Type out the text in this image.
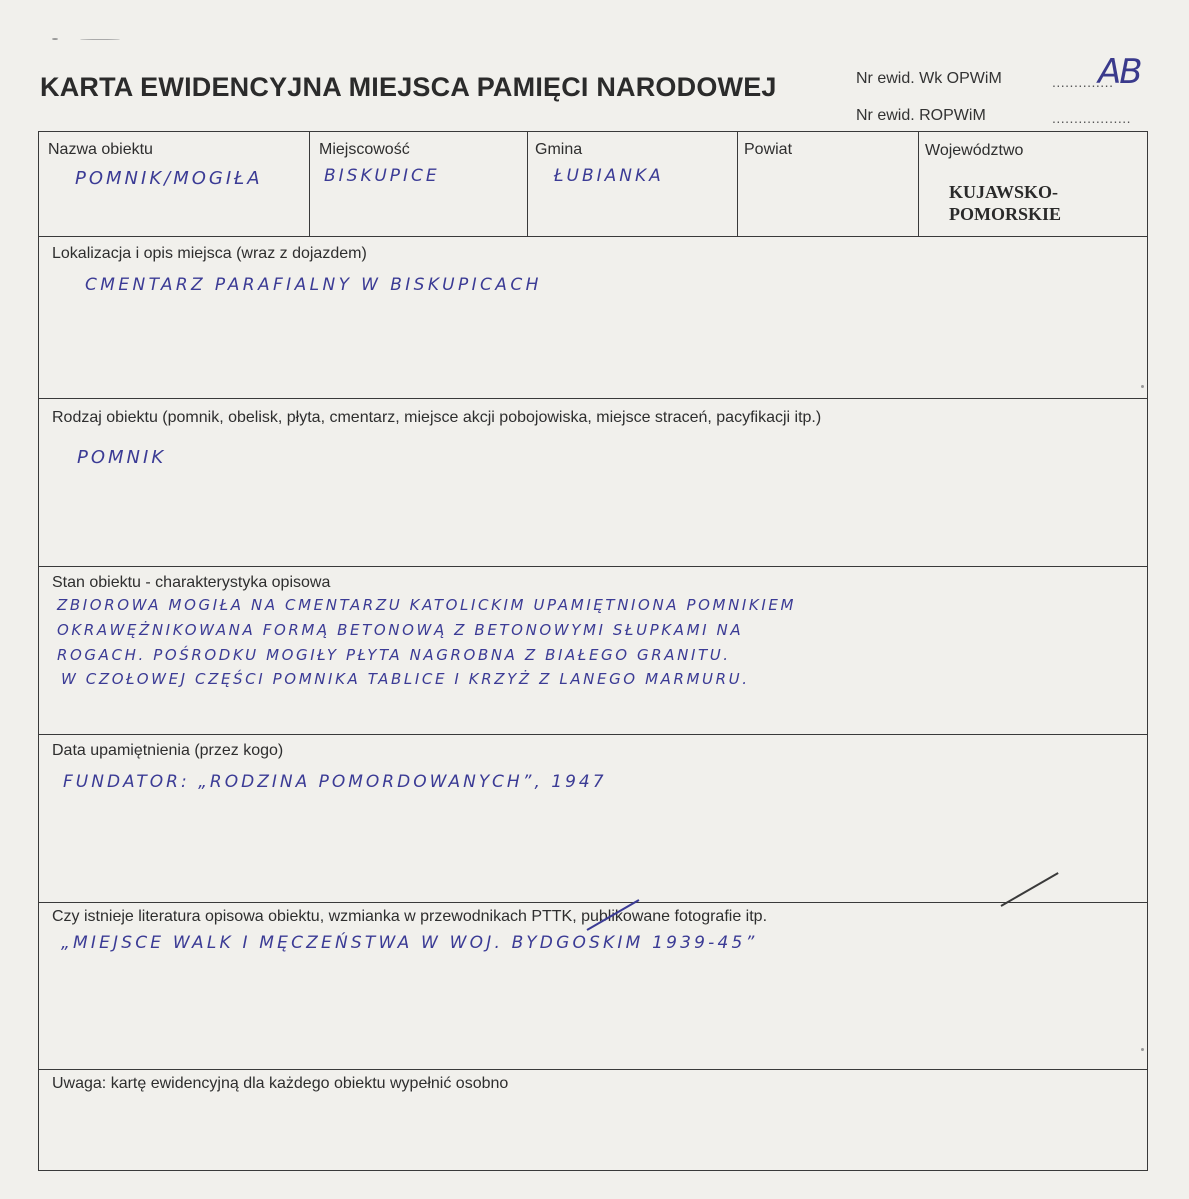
KARTA EWIDENCYJNA MIEJSCA PAMIĘCI NARODOWEJ	Nr ewid. Wk OPWiM	..............
AB
Nr ewid. ROPWiM	..................
Nazwa obiektu
POMNIK/MOGIŁA
Miejscowość
BISKUPICE
Gmina
ŁUBIANKA
Powiat	Województwo
KUJAWSKO-
POMORSKIE
Lokalizacja i opis miejsca (wraz z dojazdem)
CMENTARZ PARAFIALNY W BISKUPICACH
Rodzaj obiektu (pomnik, obelisk, płyta, cmentarz, miejsce akcji pobojowiska, miejsce straceń, pacyfikacji itp.)
POMNIK
Stan obiektu - charakterystyka opisowa
ZBIOROWA MOGIŁA NA CMENTARZU KATOLICKIM UPAMIĘTNIONA POMNIKIEM
OKRAWĘŻNIKOWANA FORMĄ BETONOWĄ Z BETONOWYMI SŁUPKAMI NA
ROGACH. POŚRODKU MOGIŁY PŁYTA NAGROBNA Z BIAŁEGO GRANITU.
W CZOŁOWEJ CZĘŚCI POMNIKA TABLICE I KRZYŻ Z LANEGO MARMURU.
Data upamiętnienia (przez kogo)
FUNDATOR: „RODZINA POMORDOWANYCH”, 1947
Czy istnieje literatura opisowa obiektu, wzmianka w przewodnikach PTTK, publikowane fotografie itp.
„MIEJSCE WALK I MĘCZEŃSTWA W WOJ. BYDGOSKIM 1939-45”
Uwaga: kartę ewidencyjną dla każdego obiektu wypełnić osobno
